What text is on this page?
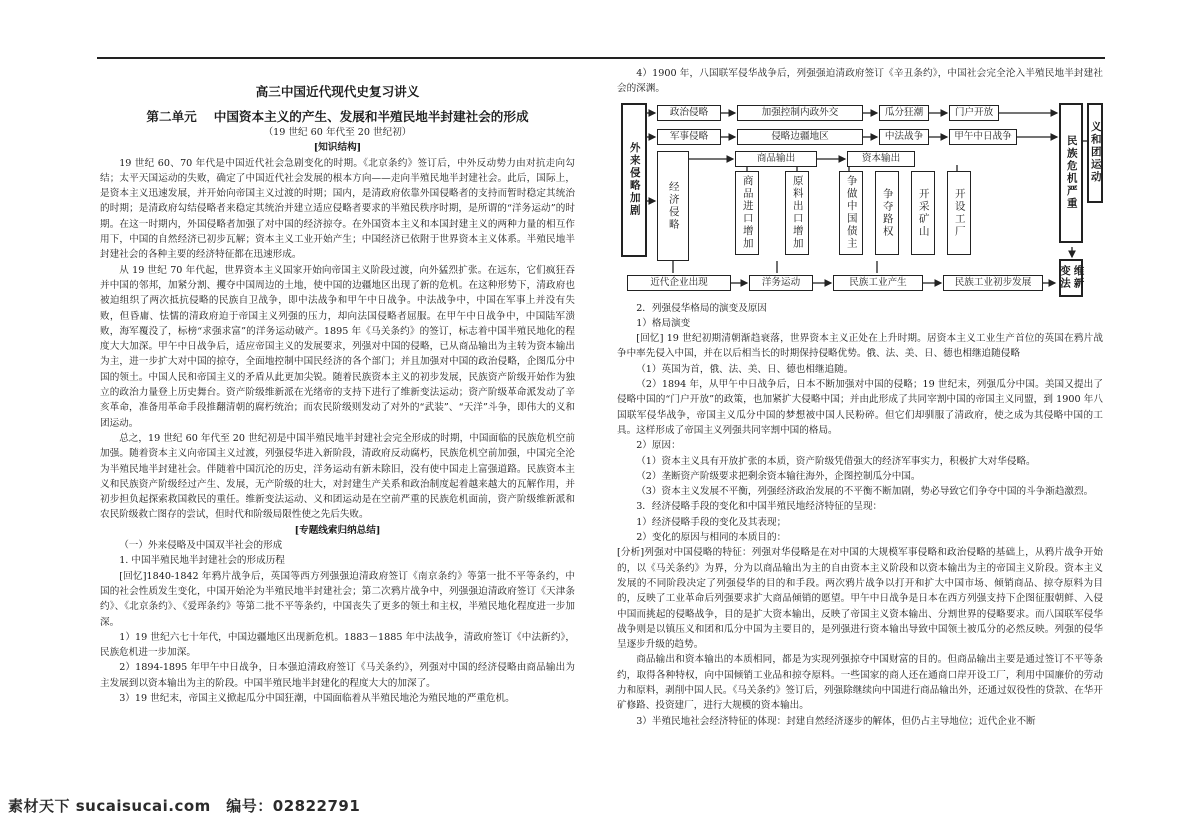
高三中国近代现代史复习讲义

第二单元　 中国资本主义的产生、发展和半殖民地半封建社会的形成

（19 世纪 60 年代至 20 世纪初）

[知识结构]

19 世纪 60、70 年代是中国近代社会急剧变化的时期。《北京条约》签订后，中外反动势力由对抗走向勾结；太平天国运动的失败，确定了中国近代社会发展的根本方向——走向半殖民地半封建社会。此后，国际上，是资本主义迅速发展，并开始向帝国主义过渡的时期；国内，是清政府依靠外国侵略者的支持而暂时稳定其统治的时期；是清政府勾结侵略者来稳定其统治并建立适应侵略者要求的半殖民秩序时期，是所谓的“洋务运动”的时期。在这一时期内，外国侵略者加强了对中国的经济掠夺。在外国资本主义和本国封建主义的两种力量的相互作用下，中国的自然经济已初步瓦解；资本主义工业开始产生；中国经济已依附于世界资本主义体系。半殖民地半封建社会的各种主要的经济特征都在迅速形成。

从 19 世纪 70 年代起，世界资本主义国家开始向帝国主义阶段过渡，向外猛烈扩张。在远东，它们疯狂吞并中国的邻邦，加紧分割、攫夺中国周边的土地，使中国的边疆地区出现了新的危机。在这种形势下，清政府也被迫组织了两次抵抗侵略的民族自卫战争，即中法战争和甲午中日战争。中法战争中，中国在军事上并没有失败，但昏庸、怯懦的清政府迫于帝国主义列强的压力，却向法国侵略者屈服。在甲午中日战争中，中国陆军溃败，海军覆没了，标榜“求强求富”的洋务运动破产。1895 年《马关条约》的签订，标志着中国半殖民地化的程度大大加深。甲午中日战争后，适应帝国主义的发展要求，列强对中国的侵略，已从商品输出为主转为资本输出为主，进一步扩大对中国的掠夺，全面地控制中国民经济的各个部门；并且加强对中国的政治侵略，企图瓜分中国的领土。中国人民和帝国主义的矛盾从此更加尖锐。随着民族资本主义的初步发展，民族资产阶级开始作为独立的政治力量登上历史舞台。资产阶级维新派在光绪帝的支持下进行了维新变法运动；资产阶级革命派发动了辛亥革命，准备用革命手段推翻清朝的腐朽统治；而农民阶级则发动了对外的“武装”、“天洋”斗争，即伟大的义和团运动。

总之，19 世纪 60 年代至 20 世纪初是中国半殖民地半封建社会完全形成的时期，中国面临的民族危机空前加强。随着资本主义向帝国主义过渡，列强侵华进入新阶段，清政府反动腐朽，民族危机空前加强，中国完全沦为半殖民地半封建社会。伴随着中国沉沦的历史，洋务运动有新未除旧，没有使中国走上富强道路。民族资本主义和民族资产阶级经过产生、发展，无产阶级的壮大，对封建生产关系和政治制度起着越来越大的瓦解作用，并初步担负起探索救国救民的重任。维新变法运动、义和团运动是在空前严重的民族危机面前，资产阶级维新派和农民阶级救亡图存的尝试，但时代和阶级局限性使之先后失败。

[专题线索归纳总结]

（一）外来侵略及中国双半社会的形成

1. 中国半殖民地半封建社会的形成历程

[回忆]1840-1842 年鸦片战争后，英国等西方列强强迫清政府签订《南京条约》等第一批不平等条约，中国的社会性质发生变化，中国开始沦为半殖民地半封建社会；第二次鸦片战争中，列强强迫清政府签订《天津条约》、《北京条约》、《爱珲条约》等第二批不平等条约，中国丧失了更多的领土和主权，半殖民地化程度进一步加深。

1）19 世纪六七十年代，中国边疆地区出现新危机。1883－1885 年中法战争，清政府签订《中法新约》，民族危机进一步加深。

2）1894-1895 年甲午中日战争，日本强迫清政府签订《马关条约》，列强对中国的经济侵略由商品输出为主发展到以资本输出为主的阶段。中国半殖民地半封建化的程度大大的加深了。

3）19 世纪末，帝国主义掀起瓜分中国狂潮，中国面临着从半殖民地沦为殖民地的严重危机。

4）1900 年，八国联军侵华战争后，列强强迫清政府签订《辛丑条约》，中国社会完全沦入半殖民地半封建社会的深渊。

外来侵略加剧
政治侵略	加强控制内政外交	瓜分狂潮	门户开放
军事侵略	侵略边疆地区	中法战争	甲午中日战争
经济侵略
商品输出
商品进口增加	原料出口增加
资本输出
争做中国债主	争夺路权	开采矿山	开设工厂
民族危机严重	义和团运动
维新变法
近代企业出现	洋务运动	民族工业产生	民族工业初步发展

2．列强侵华格局的演变及原因

1）格局演变

[回忆] 19 世纪初期清朝渐趋衰落，世界资本主义正处在上升时期。居资本主义工业生产首位的英国在鸦片战争中率先侵入中国，并在以后相当长的时期保持侵略优势。俄、法、美、日、德也相继追随侵略

（1）英国为首，俄、法、美、日、德也相继追随。

（2）1894 年，从甲午中日战争后，日本不断加强对中国的侵略；19 世纪末，列强瓜分中国。美国又提出了侵略中国的“门户开放”的政策，也加紧扩大侵略中国；并由此形成了共同宰割中国的帝国主义同盟，到 1900 年八国联军侵华战争，帝国主义瓜分中国的梦想被中国人民粉碎。但它们却驯服了清政府，使之成为其侵略中国的工具。这样形成了帝国主义列强共同宰割中国的格局。

2）原因：

（1）资本主义具有开放扩张的本质，资产阶级凭借强大的经济军事实力，积极扩大对华侵略。

（2）垄断资产阶级要求把剩余资本输往海外，企图控制瓜分中国。

（3）资本主义发展不平衡，列强经济政治发展的不平衡不断加剧，势必导致它们争夺中国的斗争渐趋激烈。

3．经济侵略手段的变化和中国半殖民地经济特征的呈现：

1）经济侵略手段的变化及其表现；

2）变化的原因与相同的本质目的：

[分析]列强对中国侵略的特征：列强对华侵略是在对中国的大规模军事侵略和政治侵略的基础上，从鸦片战争开始的，以《马关条约》为界，分为以商品输出为主的自由资本主义阶段和以资本输出为主的帝国主义阶段。资本主义发展的不同阶段决定了列强侵华的目的和手段。两次鸦片战争以打开和扩大中国市场、倾销商品、掠夺原料为目的，反映了工业革命后列强要求扩大商品倾销的愿望。甲午中日战争是日本在西方列强支持下企图征服朝鲜、入侵中国而挑起的侵略战争，目的是扩大资本输出，反映了帝国主义资本输出、分割世界的侵略要求。而八国联军侵华战争则是以镇压义和团和瓜分中国为主要目的，是列强进行资本输出导致中国领土被瓜分的必然反映。列强的侵华呈逐步升级的趋势。

商品输出和资本输出的本质相同，都是为实现列强掠夺中国财富的目的。但商品输出主要是通过签订不平等条约，取得各种特权，向中国倾销工业品和掠夺原料。一些国家的商人还在通商口岸开设工厂，利用中国廉价的劳动力和原料，剥削中国人民。《马关条约》签订后，列强除继续向中国进行商品输出外，还通过奴役性的贷款、在华开矿修路、投资建厂，进行大规模的资本输出。

3）半殖民地社会经济特征的体现：封建自然经济逐步的解体，但仍占主导地位；近代企业不断

素材天下 sucaisucai.com　编号：02822791
